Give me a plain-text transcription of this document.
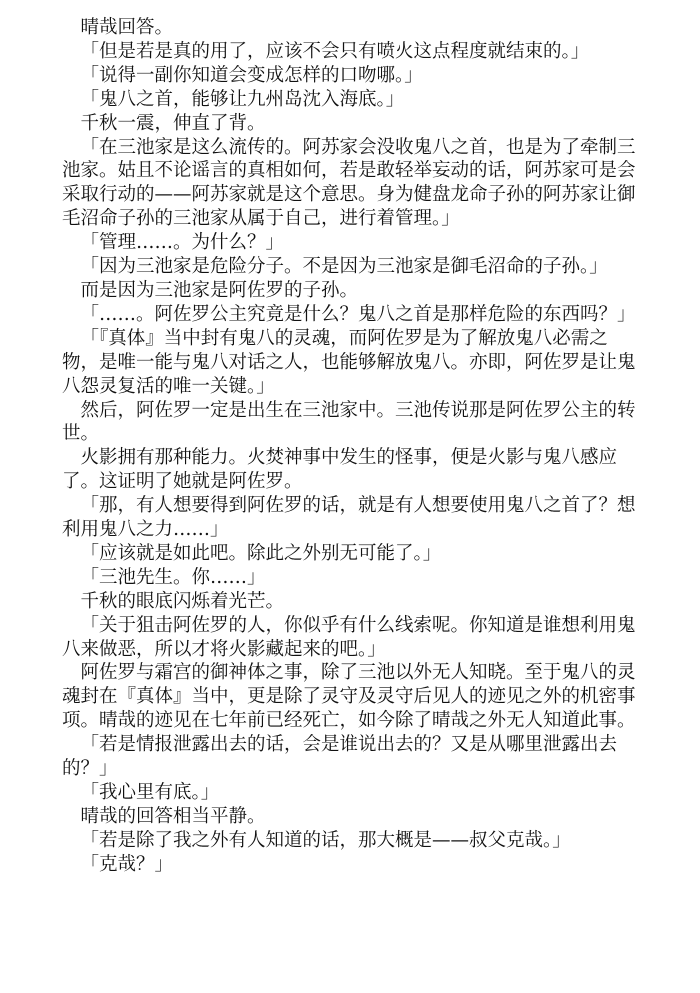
晴哉回答。

「但是若是真的用了，应该不会只有喷火这点程度就结束的。」

「说得一副你知道会变成怎样的口吻哪。」

「鬼八之首，能够让九州岛沈入海底。」

千秋一震，伸直了背。

「在三池家是这么流传的。阿苏家会没收鬼八之首，也是为了牵制三池家。姑且不论谣言的真相如何，若是敢轻举妄动的话，阿苏家可是会采取行动的——阿苏家就是这个意思。身为健盘龙命子孙的阿苏家让御毛沼命子孙的三池家从属于自己，进行着管理。」

「管理……。为什么？」

「因为三池家是危险分子。不是因为三池家是御毛沼命的子孙。」

而是因为三池家是阿佐罗的子孙。

「……。阿佐罗公主究竟是什么？鬼八之首是那样危险的东西吗？」

「『真体』当中封有鬼八的灵魂，而阿佐罗是为了解放鬼八必需之物，是唯一能与鬼八对话之人，也能够解放鬼八。亦即，阿佐罗是让鬼八怨灵复活的唯一关键。」

然后，阿佐罗一定是出生在三池家中。三池传说那是阿佐罗公主的转世。

火影拥有那种能力。火焚神事中发生的怪事，便是火影与鬼八感应了。这证明了她就是阿佐罗。

「那，有人想要得到阿佐罗的话，就是有人想要使用鬼八之首了？想利用鬼八之力……」

「应该就是如此吧。除此之外别无可能了。」

「三池先生。你……」

千秋的眼底闪烁着光芒。

「关于狙击阿佐罗的人，你似乎有什么线索呢。你知道是谁想利用鬼八来做恶，所以才将火影藏起来的吧。」

阿佐罗与霜宫的御神体之事，除了三池以外无人知晓。至于鬼八的灵魂封在『真体』当中，更是除了灵守及灵守后见人的迹见之外的机密事项。晴哉的迹见在七年前已经死亡，如今除了晴哉之外无人知道此事。

「若是情报泄露出去的话，会是谁说出去的？又是从哪里泄露出去的？」

「我心里有底。」

晴哉的回答相当平静。

「若是除了我之外有人知道的话，那大概是——叔父克哉。」

「克哉？」
